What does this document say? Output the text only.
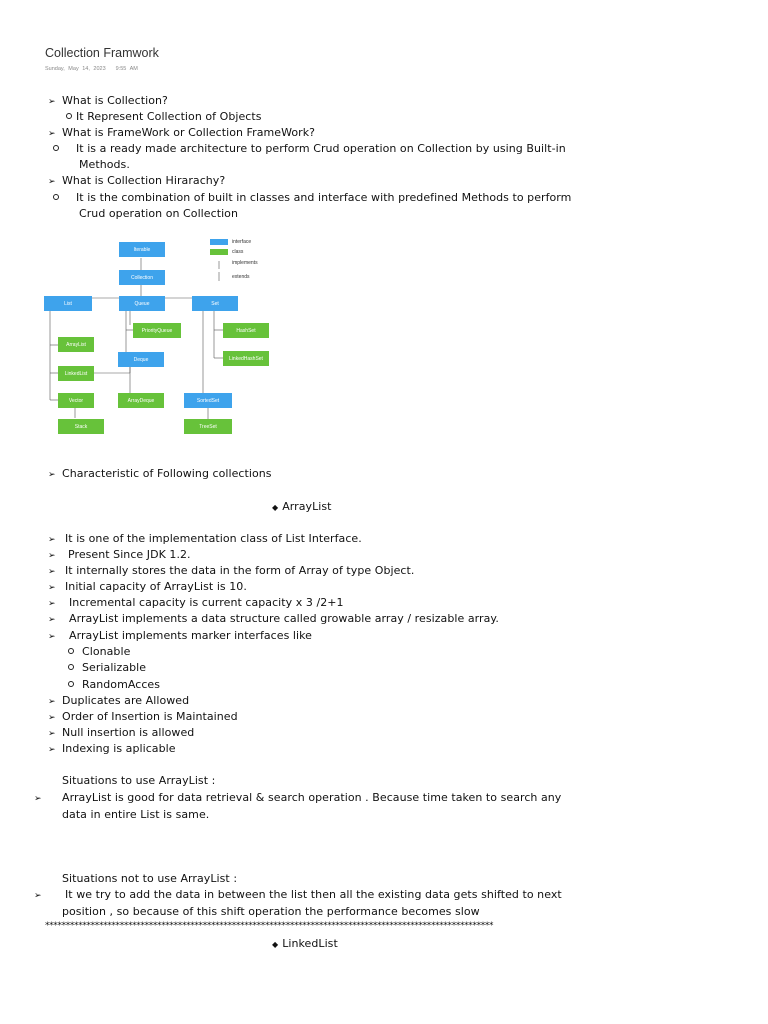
Collection Framwork
Sunday, May 14, 2023 9:55 AM
➢ What is Collection?
It Represent Collection of Objects
➢ What is FrameWork or Collection FrameWork?
It is a ready made architecture to perform Crud operation on Collection by using Built-in Methods.
➢ What is Collection Hirarachy?
It is the combination of built in classes and interface with predefined Methods to perform Crud operation on Collection
interface
class
implements
extends
Iterable
Collection
List	Queue	Set
ArrayList
LinkedList
Vector
Stack
PriorityQueue
Deque
ArrayDeque
HashSet
LinkedHashSet
SortedSet
TreeSet
➢ Characteristic of Following collections
◆ ArrayList
➢ It is one of the implementation class of List Interface.
➢ Present Since JDK 1.2.
➢ It internally stores the data in the form of Array of type Object.
➢ Initial capacity of ArrayList is 10.
➢ Incremental capacity is current capacity x 3 /2+1
➢ ArrayList implements a data structure called growable array / resizable array.
➢ ArrayList implements marker interfaces like
Clonable
Serializable
RandomAcces
➢ Duplicates are Allowed
➢ Order of Insertion is Maintained
➢ Null insertion is allowed
➢ Indexing is aplicable
Situations to use ArrayList :
➢ ArrayList is good for data retrieval & search operation . Because time taken to search any data in entire List is same.
Situations not to use ArrayList :
➢ It we try to add the data in between the list then all the existing data gets shifted to next position , so because of this shift operation the performance becomes slow
************************************************************************************************************
◆ LinkedList
